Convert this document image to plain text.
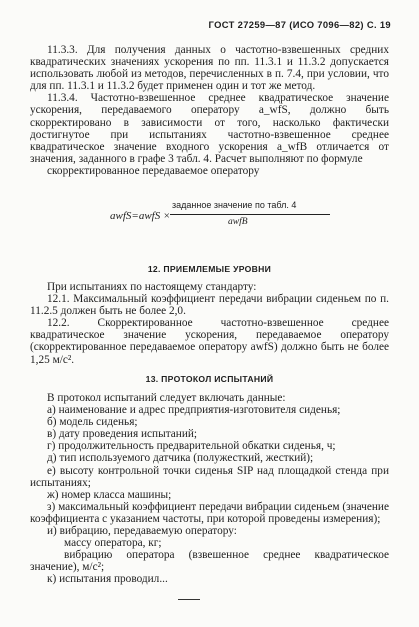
ГОСТ 27259—87 (ИСО 7096—82) С. 19

11.3.3. Для получения данных о частотно-взвешенных средних квадратических значениях ускорения по пп. 11.3.1 и 11.3.2 допускается использовать любой из методов, перечисленных в п. 7.4, при условии, что для пп. 11.3.1 и 11.3.2 будет применен один и тот же метод.

11.3.4. Частотно-взвешенное среднее квадратическое значение ускорения, передаваемого оператору a_wfS, должно быть скорректировано в зависимости от того, насколько фактически достигнутое при испытаниях частотно-взвешенное среднее квадратическое значение входного ускорения a_wfB отличается от значения, заданного в графе 3 табл. 4. Расчет выполняют по формуле

скорректированное передаваемое оператору

awfS=awfS ×
заданное значение по табл. 4
awfB
12. ПРИЕМЛЕМЫЕ УРОВНИ

При испытаниях по настоящему стандарту:

12.1. Максимальный коэффициент передачи вибрации сиденьем по п. 11.2.5 должен быть не более 2,0.

12.2. Скорректированное частотно-взвешенное среднее квадратическое значение ускорения, передаваемое оператору (скорректированное передаваемое оператору awfS) должно быть не более 1,25 м/с².

13. ПРОТОКОЛ ИСПЫТАНИЙ

В протокол испытаний следует включать данные:

а) наименование и адрес предприятия-изготовителя сиденья;

б) модель сиденья;

в) дату проведения испытаний;

г) продолжительность предварительной обкатки сиденья, ч;

д) тип используемого датчика (полужесткий, жесткий);

е) высоту контрольной точки сиденья SIP над площадкой стенда при испытаниях;

ж) номер класса машины;

з) максимальный коэффициент передачи вибрации сиденьем (значение коэффициента с указанием частоты, при которой проведены измерения);

и) вибрацию, передаваемую оператору:

массу оператора, кг;

вибрацию оператора (взвешенное среднее квадратическое значение), м/с²;

к) испытания проводил...
